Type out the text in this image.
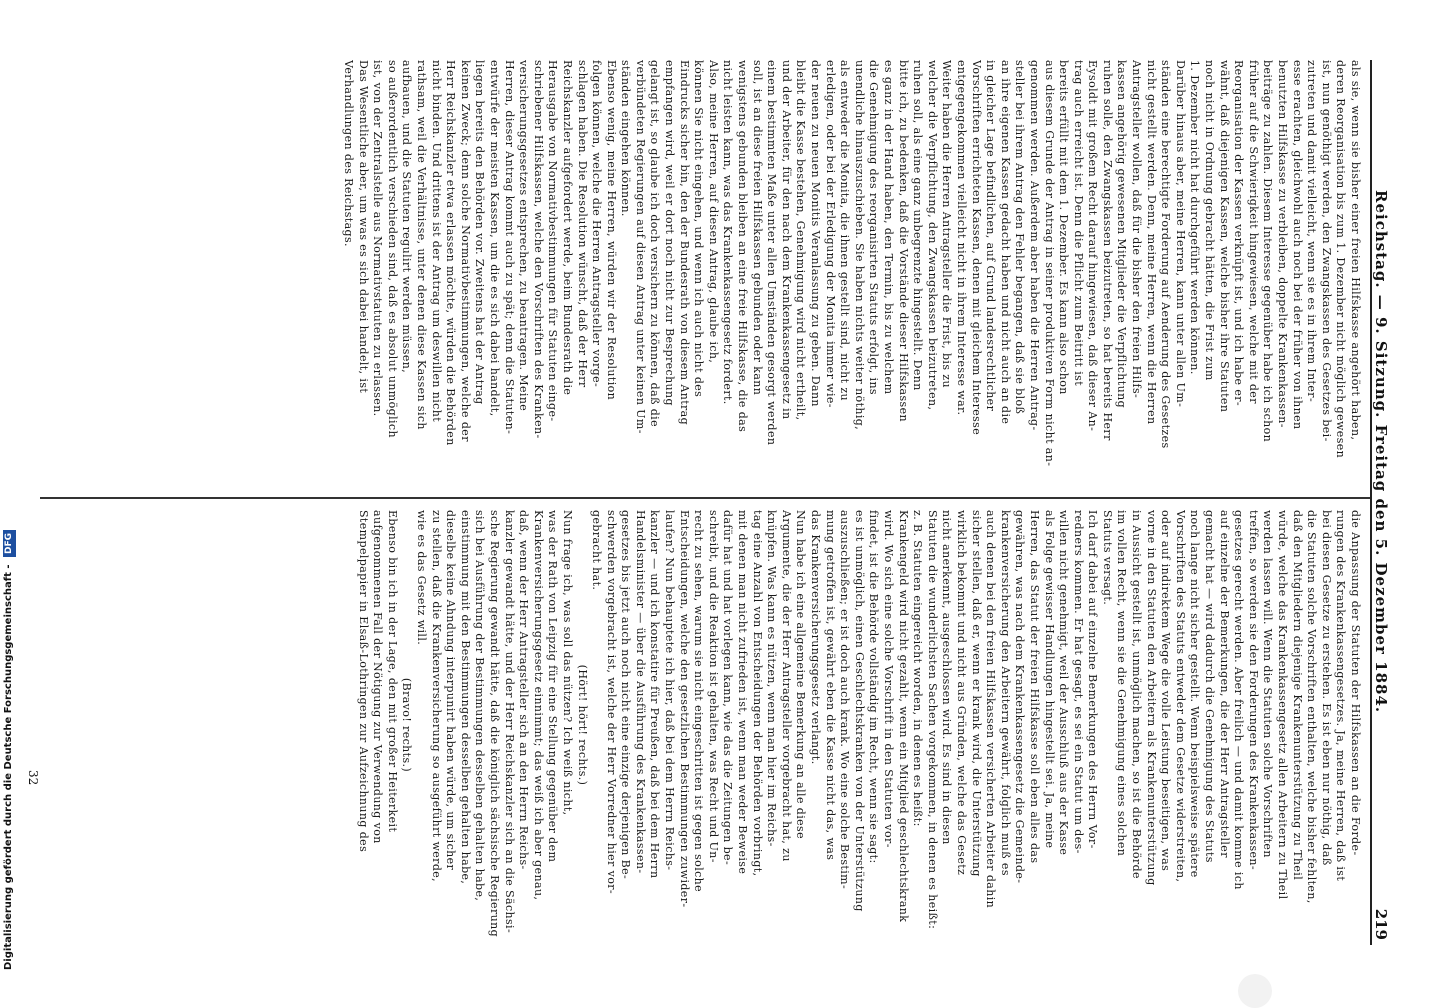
Reichstag. — 9. Sitzung. Freitag den 5. Dezember 1884.
219

als sie, wenn sie bisher einer freien Hilfskasse angehört haben,

deren Reorganisation bis zum 1. Dezember nicht möglich gewesen

ist, nun genöthigt werden, den Zwangskassen des Gesetzes bei-

zutreten und damit vielleicht, wenn sie es in ihrem Inter-

esse erachten, gleichwohl auch noch bei der früher von ihnen

benutzten Hilfskasse zu verbleiben, doppelte Krankenkassen-

beiträge zu zahlen. Diesem Interesse gegenüber habe ich schon

früher auf die Schwierigkeit hingewiesen, welche mit der

Reorganisation der Kassen verknüpft ist, und ich habe er-

wähnt, daß diejenigen Kassen, welche bisher ihre Statuten

noch nicht in Ordnung gebracht hätten, die Frist zum

1. Dezember nicht hat durchgeführt werden können.

Darüber hinaus aber, meine Herren, kann unter allen Um-

ständen eine berechtigte Forderung auf Aenderung des Gesetzes

nicht gestellt werden. Denn, meine Herren, wenn die Herren

Antragsteller wollen, daß für die bisher den freien Hilfs-

kassen angehörig gewesenen Mitglieder die Verpflichtung

ruhen solle, den Zwangskassen beizutreten, so hat bereits Herr

Eysoldt mit großem Recht darauf hingewiesen, daß dieser An-

trag auch erreicht ist. Denn die Pflicht zum Beitritt ist

bereits erfüllt mit dem 1. Dezember. Es kann also schon

aus diesem Grunde der Antrag in seiner produktiven Form nicht an-

genommen werden. Außerdem aber haben die Herren Antrag-

steller bei ihrem Antrag den Fehler begangen, daß sie bloß

an ihre eigenen Kassen gedacht haben und nicht auch an die

in gleicher Lage befindlichen, auf Grund landesrechtlicher

Vorschriften errichteten Kassen, denen mit gleichem Interesse

entgegengekommen vielleicht nicht in ihrem Interesse war.

Weiter haben die Herren Antragsteller die Frist, bis zu

welcher die Verpflichtung, den Zwangskassen beizutreten,

ruhen soll, als eine ganz unbegrenzte hingestellt. Denn

bitte ich, zu bedenken, daß die Vorstände dieser Hilfskassen

es ganz in der Hand haben, den Termin, bis zu welchem

die Genehmigung des reorganisirten Statuts erfolgt, ins

unendliche hinauszuschieben. Sie haben nichts weiter nöthig,

als entweder die Monita, die ihnen gestellt sind, nicht zu

erledigen, oder bei der Erledigung der Monita immer wie-

der neuen zu neuen Monitis Veranlassung zu geben. Dann

bleibt die Kasse bestehen, Genehmigung wird nicht ertheilt,

und der Arbeiter, für den nach dem Krankenkassengesetz in

einem bestimmten Maße unter allen Umständen gesorgt werden

soll, ist an diese freien Hilfskassen gebunden oder kann

wenigstens gebunden bleiben an eine freie Hilfskasse, die das

nicht leisten kann, was das Krankenkassengesetz fordert.

Also, meine Herren, auf diesen Antrag, glaube ich,

können Sie nicht eingehen, und wenn ich auch nicht des

Eindrucks sicher bin, den der Bundesrath von diesem Antrag

empfangen wird, weil er dort noch nicht zur Besprechung

gelangt ist, so glaube ich doch versichern zu können, daß die

verbündeten Regierungen auf diesen Antrag unter keinen Um-

ständen eingehen können.

Ebenso wenig, meine Herren, würden wir der Resolution

folgen können, welche die Herren Antragsteller vorge-

schlagen haben. Die Resolution wünscht, daß der Herr

Reichskanzler aufgefordert werde, beim Bundesrath die

Herausgabe von Normativbestimmungen für Statuten einge-

schriebener Hilfskassen, welche den Vorschriften des Kranken-

versicherungsgesetzes entsprechen, zu beantragen. Meine

Herren, dieser Antrag kommt auch zu spät; denn die Statuten-

entwürfe der meisten Kassen, um die es sich dabei handelt,

liegen bereits den Behörden vor. Zweitens hat der Antrag

keinen Zweck; denn solche Normativbestimmungen, welche der

Herr Reichskanzler etwa erlassen möchte, würden die Behörden

nicht binden. Und drittens ist der Antrag um deswillen nicht

rathsam, weil die Verhältnisse, unter denen diese Kassen sich

aufbauen, und die Statuten regulirt werden müssen,

so außerordentlich verschieden sind, daß es absolut unmöglich

ist, von der Zentralstelle aus Normativstatuten zu erlassen.

Das Wesentliche aber, um was es sich dabei handelt, ist

Verhandlungen des Reichstags.

die Anpassung der Statuten der Hilfskassen an die Forde-

rungen des Krankenkassengesetzes. Ja, meine Herren, daß ist

bei diesen Gesetze zu erstehen. Es ist eben nur nöthig, daß

die Statuten solche Vorschriften enthalten, welche bisher fehlten,

daß den Mitgliedern diejenige Krankenunterstützung zu Theil

würde, welche das Krankenkassengesetz allen Arbeitern zu Theil

werden lassen will. Wenn die Statuten solche Vorschriften

treffen, so werden sie den Forderungen des Krankenkassen-

gesetzes gerecht werden. Aber freilich — und damit komme ich

auf einzelne der Bemerkungen, die der Herr Antragsteller

gemacht hat — wird dadurch die Genehmigung des Statuts

noch lange nicht sicher gestellt. Wenn beispielsweise spätere

Vorschriften des Statuts entweder dem Gesetze widerstreiten,

oder auf indirektem Wege die volle Leistung beseitigen, was

vorne in den Statuten den Arbeitern als Krankenunterstützung

in Aussicht gestellt ist, unmöglich machen, so ist die Behörde

im vollen Recht, wenn sie die Genehmigung eines solchen

Statuts versagt.

Ich darf dabei auf einzelne Bemerkungen des Herrn Vor-

redners kommen. Er hat gesagt, es sei ein Statut um des-

willen nicht genehmigt, weil der Ausschluß aus der Kasse

als Folge gewisser Handlungen hingestellt sei. Ja, meine

Herren, das Statut der freien Hilfskasse soll eben alles das

gewähren, was nach dem Krankenkassengesetz die Gemeinde-

krankenversicherung den Arbeitern gewährt, folglich muß es

auch denen bei den freien Hilfskassen versicherten Arbeiter dahin

sicher stellen, daß er, wenn er krank wird, die Unterstützung

wirklich bekommt und nicht aus Gründen, welche das Gesetz

nicht anerkennt, ausgeschlossen wird. Es sind in diesen

Statuten die wunderlichsten Sachen vorgekommen, in denen es heißt:

z. B. Statuten eingereicht worden, in denen es heißt:

Krankengeld wird nicht gezahlt, wenn ein Mitglied geschlechtskrank

wird. Wo sich eine solche Vorschrift in den Statuten vor-

findet, ist die Behörde vollständig im Recht, wenn sie sagt:

es ist unmöglich, einen Geschlechtskranken von der Unterstützung

auszuschließen; er ist doch auch krank. Wo eine solche Bestim-

mung getroffen ist, gewährt eben die Kasse nicht das, was

das Krankenversicherungsgesetz verlangt.

Nun habe ich eine allgemeine Bemerkung an alle diese

Argumente, die der Herr Antragsteller vorgebracht hat, zu

knüpfen. Was kann es nützen, wenn man hier im Reichs-

tag eine Anzahl von Entscheidungen der Behörden vorbringt,

mit denen man nicht zufrieden ist, wenn man weder Beweise

dafür hat und hat vorlegen kann, wie das die Zeitungen be-

schreibt, und die Reaktion ist gehalten, was Recht und Un-

recht zu sehen, warum sie nicht eingeschritten ist gegen solche

Entscheidungen, welche den gesetzlichen Bestimmungen zuwider-

laufen? Nun behauptete ich hier, daß bei dem Herrn Reichs-

kanzler — und ich konstatire für Preußen, daß bei dem Herrn

Handelsminister — über die Ausführung des Krankenkassen-

gesetzes bis jetzt auch noch nicht eine einzige derjenigen Be-

schwerden vorgebracht ist, welche der Herr Vorredner hier vor-

gebracht hat.

(Hört! hört! rechts.)

Nun frage ich, was soll das nützen? Ich weiß nicht,

was der Rath von Leipzig für eine Stellung gegenüber dem

Krankenversicherungsgesetz einnimmt; das weiß ich aber genau,

daß, wenn der Herr Antragsteller sich an den Herrn Reichs-

kanzler gewandt hätte, und der Herr Reichskanzler sich an die Sächsi-

sche Regierung gewandt hätte, daß die königlich sächsische Regierung

sich bei Ausführung der Bestimmungen desselben gehalten habe,

einstimmung mit den Bestimmungen desselben gehalten habe,

dieselbe keine Ahndung interpunirt haben würde, um sicher

zu stellen, daß die Krankenversicherung so ausgeführt werde,

wie es das Gesetz will.

(Bravo! rechts.)

Ebenso bin ich in der Lage, den mit großer Heiterkeit

aufgenommenen Fall der Nötigung zur Verwendung von

Stempelpapier in Elsaß-Lothringen zur Aufzeichnung des

32
Digitalisierung gefördert durch die Deutsche Forschungsgemeinschaft - DFG
